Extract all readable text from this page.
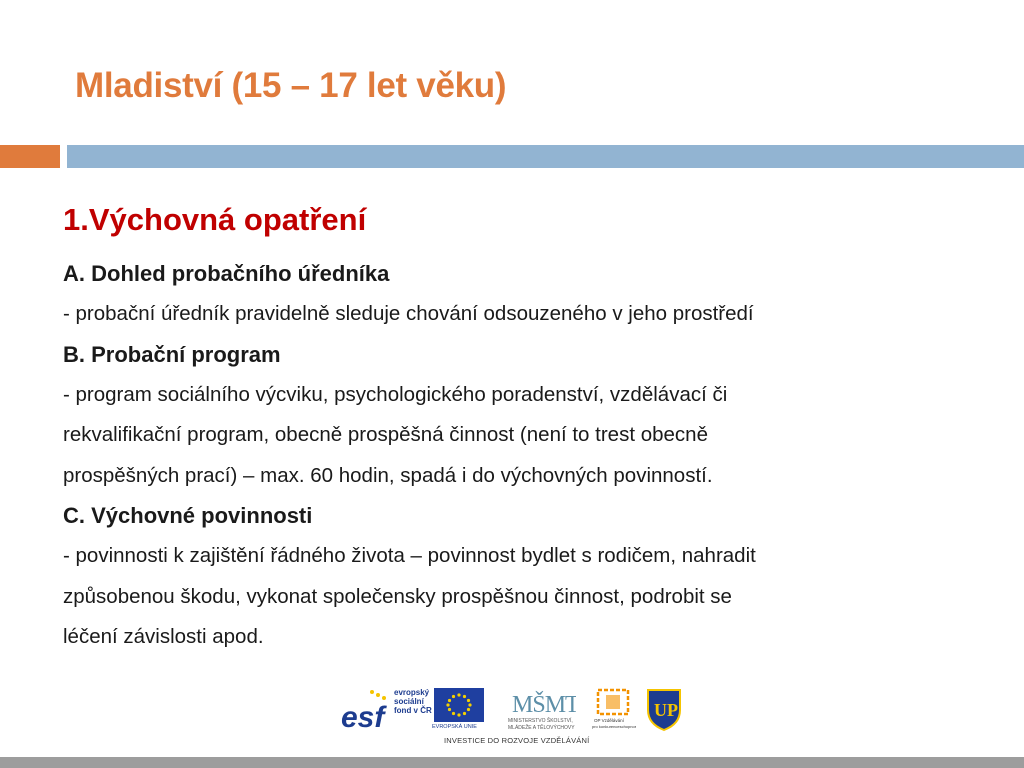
Mladiství (15 – 17 let věku)
1.Výchovná opatření

A. Dohled probačního úředníka

- probační úředník pravidelně sleduje chování odsouzeného v jeho prostředí

B. Probační program

- program sociálního výcviku, psychologického poradenství, vzdělávací či

rekvalifikační program, obecně prospěšná činnost (není to trest obecně

prospěšných prací) – max. 60 hodin, spadá i do výchovných povinností.

C. Výchovné povinnosti

- povinnosti k zajištění řádného života – povinnost bydlet s rodičem, nahradit

způsobenou škodu, vykonat společensky prospěšnou činnost, podrobit se

léčení závislosti apod.

esf
evropský sociální fond v ČR
EVROPSKÁ UNIE
MŠMT
MINISTERSTVO ŠKOLSTVÍ,
MLÁDEŽE A TĚLOVÝCHOVY
OP Vzdělávání
pro konkurenceschopnost
UP
INVESTICE DO ROZVOJE VZDĚLÁVÁNÍ
